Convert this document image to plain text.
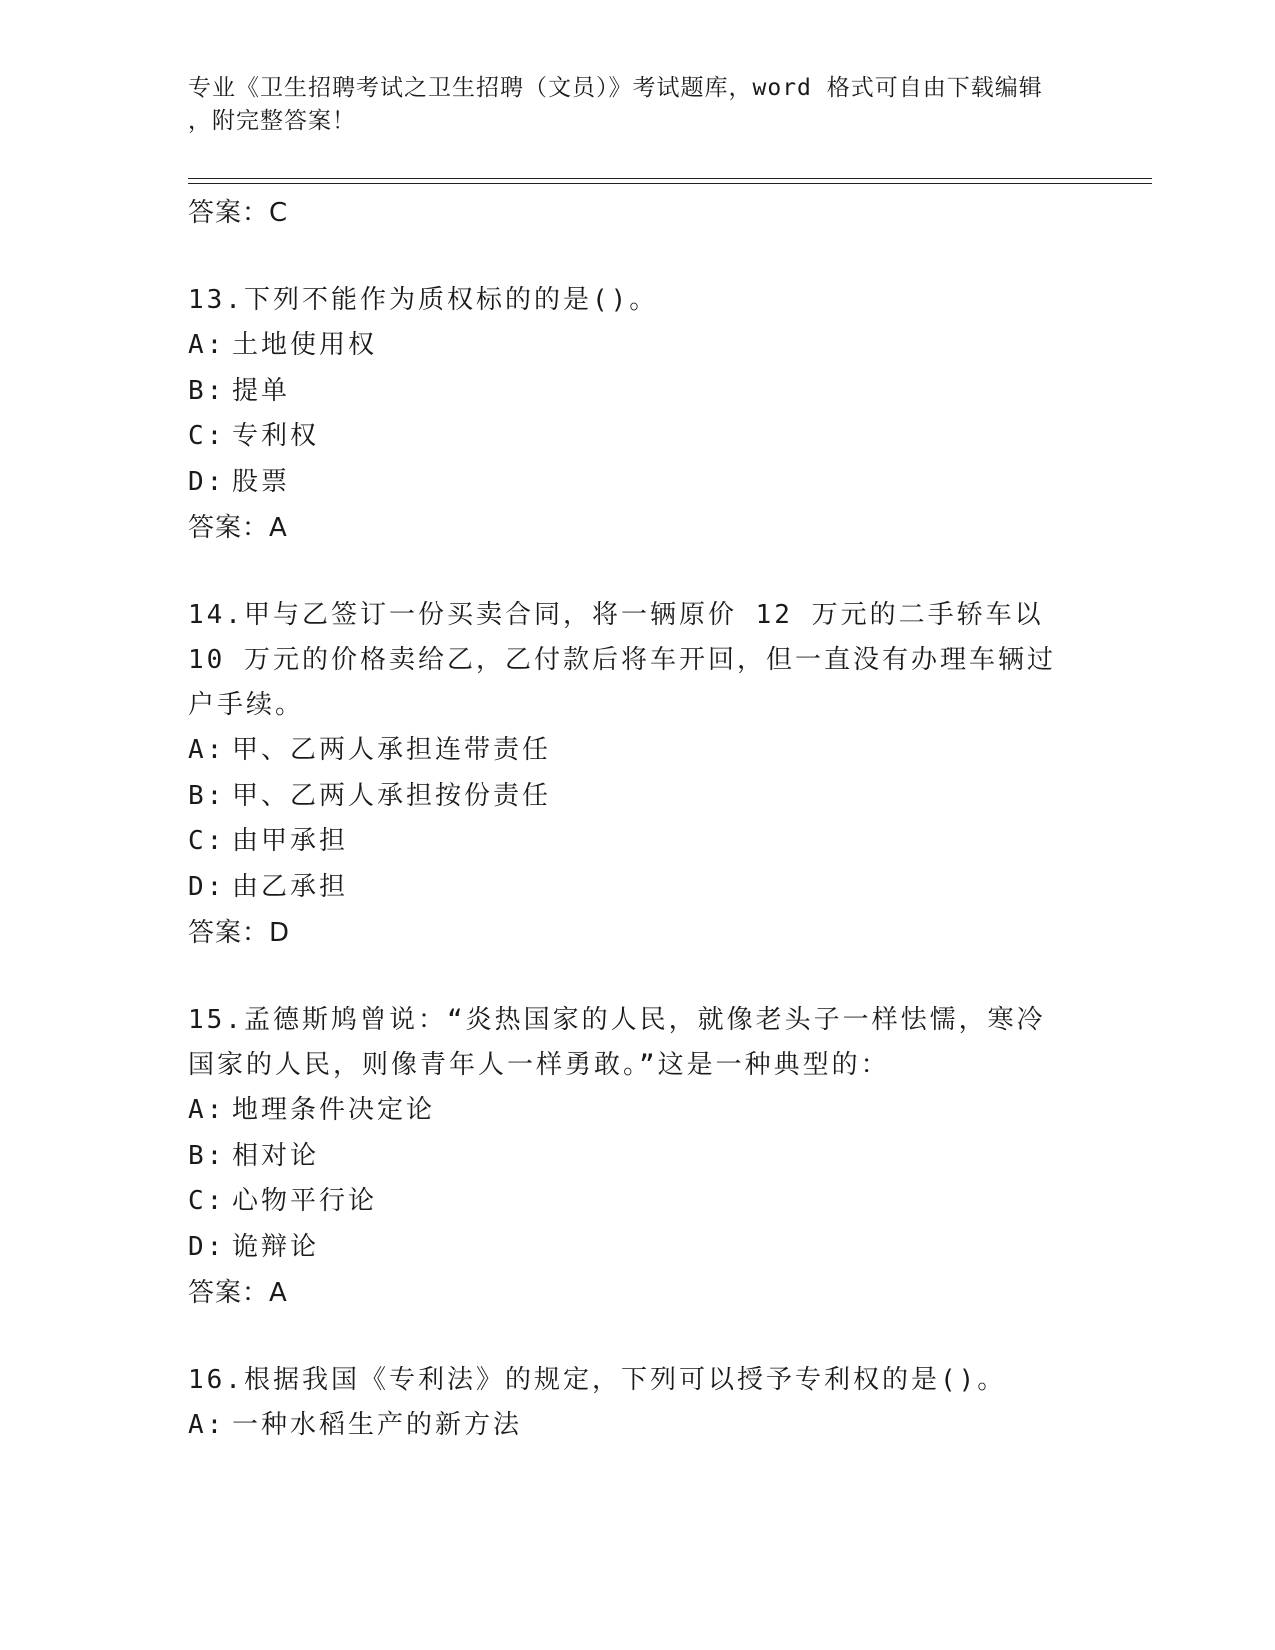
专业《卫生招聘考试之卫生招聘（文员）》考试题库，word 格式可自由下载编辑
，附完整答案！
答案：C

13.下列不能作为质权标的的是()。

A: 土地使用权
B: 提单
C: 专利权
D: 股票
答案：A

14.甲与乙签订一份买卖合同，将一辆原价 12 万元的二手轿车以 10 万元的价格卖给乙，乙付款后将车开回，但一直没有办理车辆过户手续。

A: 甲、乙两人承担连带责任
B: 甲、乙两人承担按份责任
C: 由甲承担
D: 由乙承担
答案：D

15.孟德斯鸠曾说：“炎热国家的人民，就像老头子一样怯懦，寒冷国家的人民，则像青年人一样勇敢。”这是一种典型的：

A: 地理条件决定论
B: 相对论
C: 心物平行论
D: 诡辩论
答案：A

16.根据我国《专利法》的规定，下列可以授予专利权的是()。

A: 一种水稻生产的新方法
